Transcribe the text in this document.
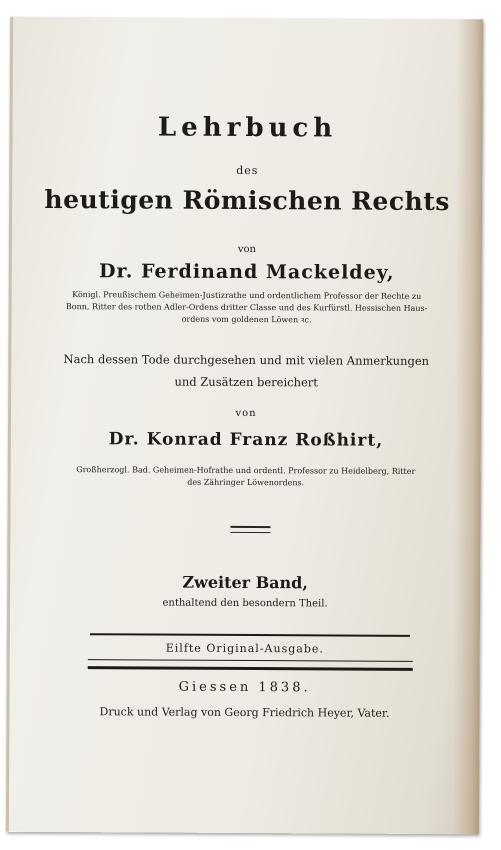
Lehrbuch
des
heutigen Römischen Rechts
von
Dr. Ferdinand Mackeldey,
Königl. Preußischem Geheimen-Justizrathe und ordentlichem Professor der Rechte zu
Bonn, Ritter des rothen Adler-Ordens dritter Classe und des Kurfürstl. Hessischen Haus-
ordens vom goldenen Löwen ꝛc.
Nach dessen Tode durchgesehen und mit vielen Anmerkungen
und Zusätzen bereichert
von
Dr. Konrad Franz Roßhirt,
Großherzogl. Bad. Geheimen-Hofrathe und ordentl. Professor zu Heidelberg, Ritter
des Zähringer Löwenordens.
Zweiter Band,
enthaltend den besondern Theil.
Eilfte Original-Ausgabe.
Giessen 1838.
Druck und Verlag von Georg Friedrich Heyer, Vater.
